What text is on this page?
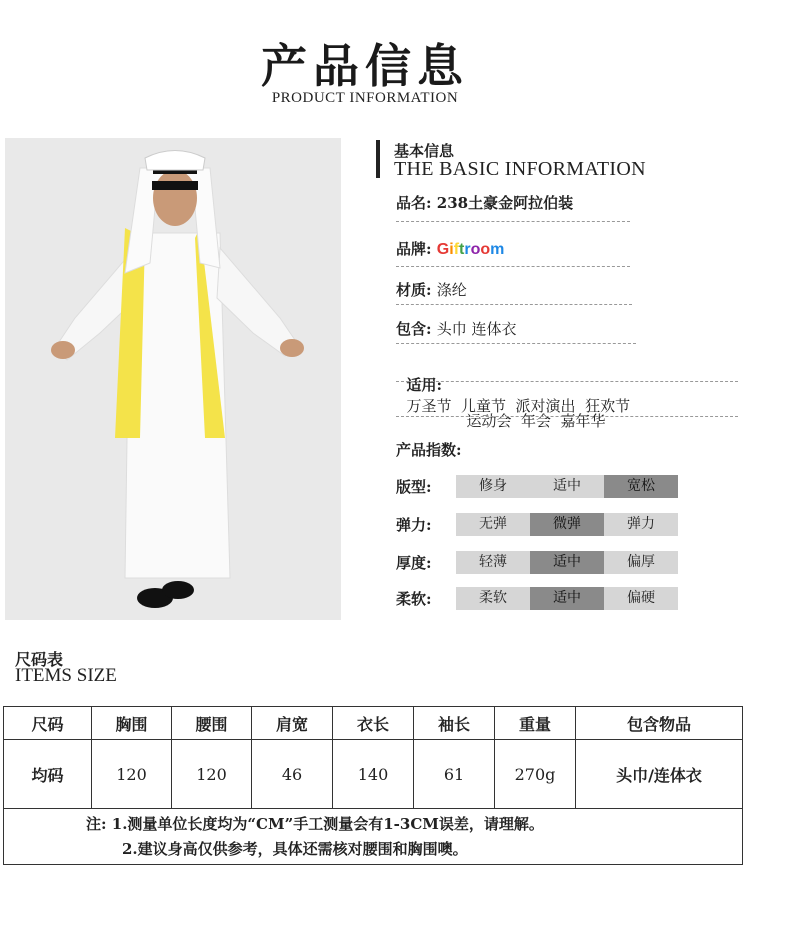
产品信息
PRODUCT INFORMATION
基本信息
THE BASIC INFORMATION
品名: 238土豪金阿拉伯装
品牌: Giftroom
材质: 涤纶
包含: 头巾 连体衣

适用:
万圣节  儿童节  派对演出  狂欢节

运动会  年会  嘉年华

产品指数:
版型:	修身	适中	宽松
弹力:	无弹	微弹	弹力
厚度:	轻薄	适中	偏厚
柔软:	柔软	适中	偏硬
尺码表
ITEMS SIZE
尺码	胸围	腰围	肩宽	衣长	袖长	重量	包含物品
均码	120	120	46	140	61	270g	头巾/连体衣

注: 1.测量单位长度均为“CM”手工测量会有1-3CM误差，请理解。
2.建议身高仅供参考，具体还需核对腰围和胸围噢。							
